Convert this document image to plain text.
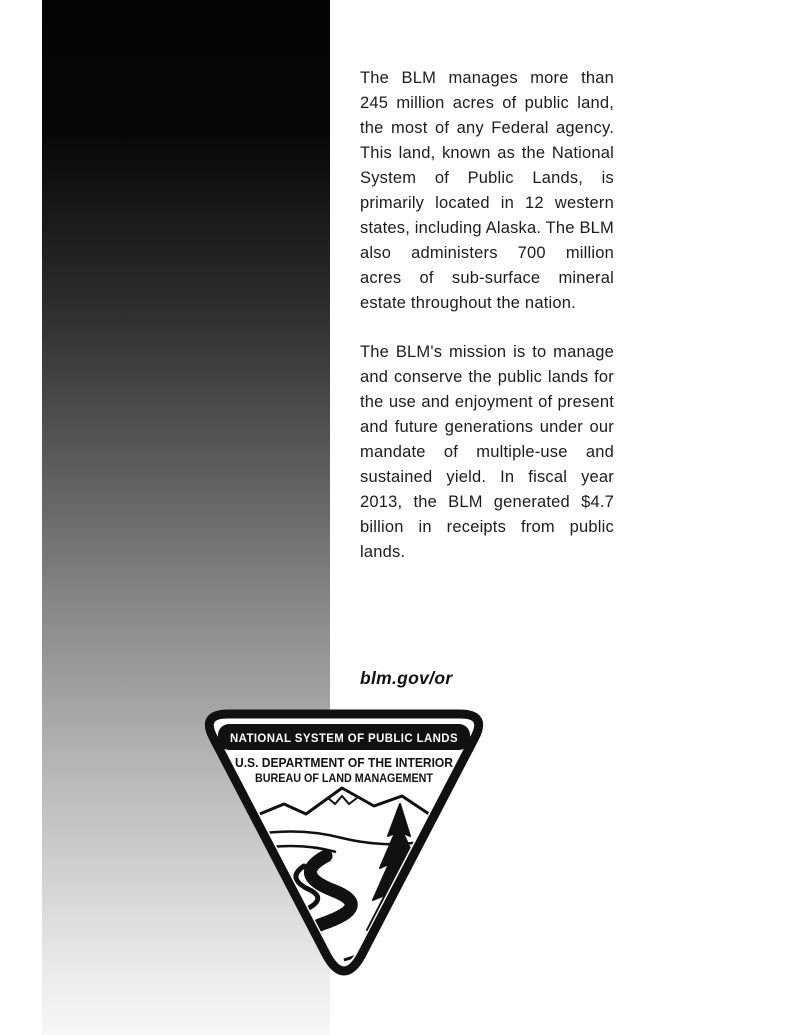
The BLM manages more than 245 million acres of public land, the most of any Federal agency. This land, known as the National System of Public Lands, is primarily located in 12 western states, including Alaska. The BLM also administers 700 million acres of sub-surface mineral estate throughout the nation.

The BLM's mission is to manage and conserve the public lands for the use and enjoyment of present and future generations under our mandate of multiple-use and sustained yield. In fiscal year 2013, the BLM generated $4.7 billion in receipts from public lands.

blm.gov/or
NATIONAL SYSTEM OF PUBLIC LANDS
U.S. DEPARTMENT OF THE INTERIOR
BUREAU OF LAND MANAGEMENT
